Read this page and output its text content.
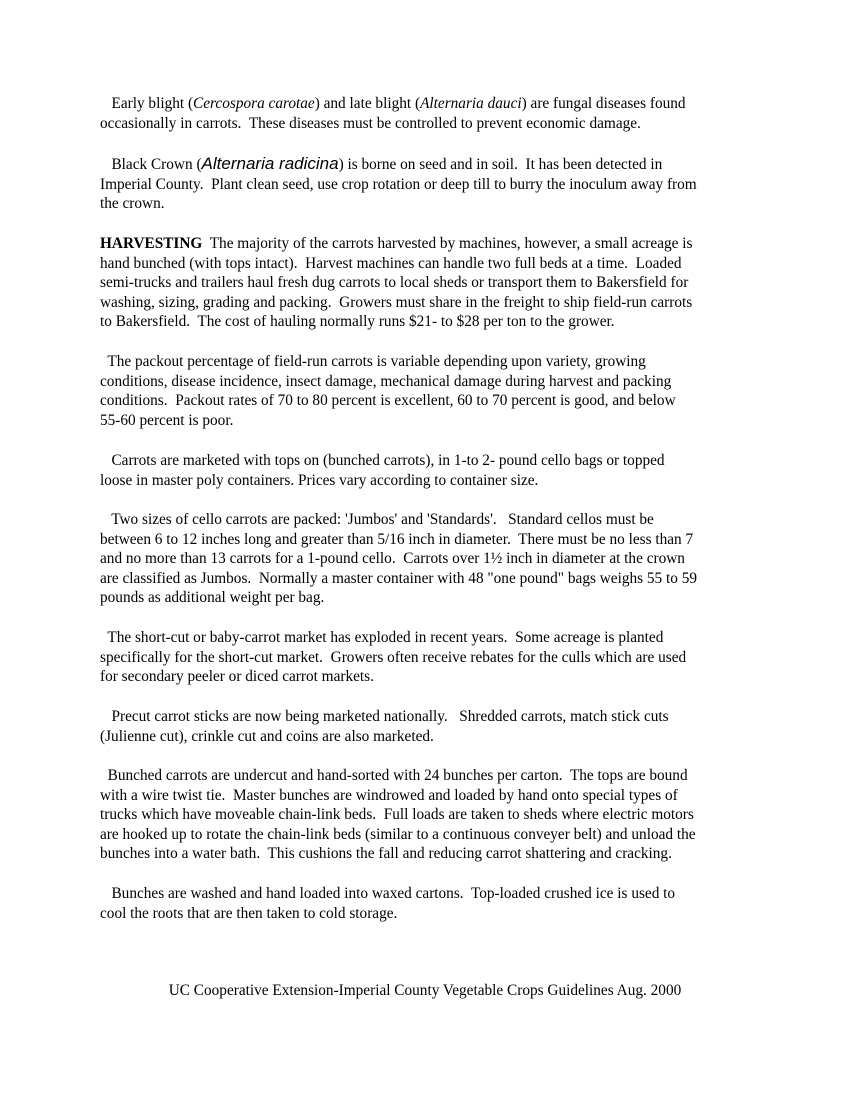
Early blight (Cercospora carotae) and late blight (Alternaria dauci) are fungal diseases found
occasionally in carrots.  These diseases must be controlled to prevent economic damage.

Black Crown (Alternaria radicina) is borne on seed and in soil.  It has been detected in
Imperial County.  Plant clean seed, use crop rotation or deep till to burry the inoculum away from
the crown.

HARVESTING  The majority of the carrots harvested by machines, however, a small acreage is
hand bunched (with tops intact).  Harvest machines can handle two full beds at a time.  Loaded
semi-trucks and trailers haul fresh dug carrots to local sheds or transport them to Bakersfield for
washing, sizing, grading and packing.  Growers must share in the freight to ship field-run carrots
to Bakersfield.  The cost of hauling normally runs $21- to $28 per ton to the grower.

The packout percentage of field-run carrots is variable depending upon variety, growing
conditions, disease incidence, insect damage, mechanical damage during harvest and packing
conditions.  Packout rates of 70 to 80 percent is excellent, 60 to 70 percent is good, and below
55-60 percent is poor.

Carrots are marketed with tops on (bunched carrots), in 1-to 2- pound cello bags or topped
loose in master poly containers. Prices vary according to container size.

Two sizes of cello carrots are packed: 'Jumbos' and 'Standards'.   Standard cellos must be
between 6 to 12 inches long and greater than 5/16 inch in diameter.  There must be no less than 7
and no more than 13 carrots for a 1-pound cello.  Carrots over 1½ inch in diameter at the crown
are classified as Jumbos.  Normally a master container with 48 "one pound" bags weighs 55 to 59
pounds as additional weight per bag.

The short-cut or baby-carrot market has exploded in recent years.  Some acreage is planted
specifically for the short-cut market.  Growers often receive rebates for the culls which are used
for secondary peeler or diced carrot markets.

Precut carrot sticks are now being marketed nationally.   Shredded carrots, match stick cuts
(Julienne cut), crinkle cut and coins are also marketed.

Bunched carrots are undercut and hand-sorted with 24 bunches per carton.  The tops are bound
with a wire twist tie.  Master bunches are windrowed and loaded by hand onto special types of
trucks which have moveable chain-link beds.  Full loads are taken to sheds where electric motors
are hooked up to rotate the chain-link beds (similar to a continuous conveyer belt) and unload the
bunches into a water bath.  This cushions the fall and reducing carrot shattering and cracking.

Bunches are washed and hand loaded into waxed cartons.  Top-loaded crushed ice is used to
cool the roots that are then taken to cold storage.

UC Cooperative Extension-Imperial County Vegetable Crops Guidelines Aug. 2000
